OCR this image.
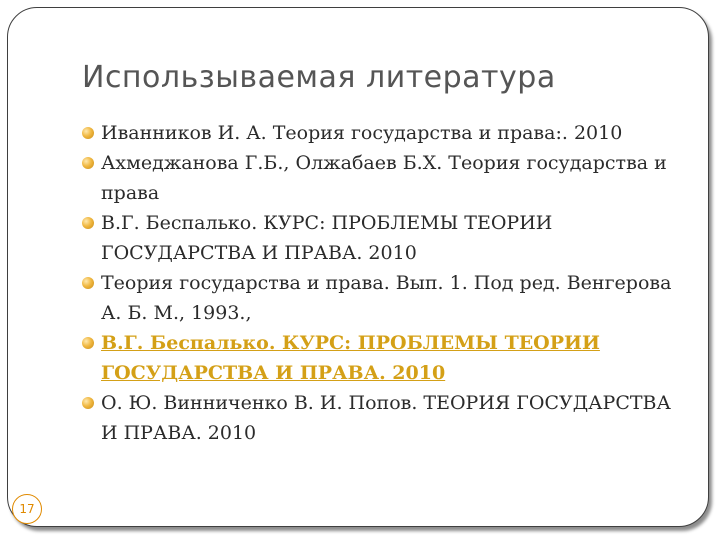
Использываемая литература
Иванников И. А. Теория государства и права:. 2010
Ахмеджанова Г.Б., Олжабаев Б.Х. Теория государства и права
В.Г. Беспалько. КУРС: ПРОБЛЕМЫ ТЕОРИИ ГОСУДАРСТВА И ПРАВА. 2010
Теория государства и права. Вып. 1. Под ред. Венгерова А. Б. М., 1993.,
В.Г. Беспалько. КУРС: ПРОБЛЕМЫ ТЕОРИИ ГОСУДАРСТВА И ПРАВА. 2010
О. Ю. Винниченко В. И. Попов. ТЕОРИЯ ГОСУДАРСТВА И ПРАВА. 2010
17
